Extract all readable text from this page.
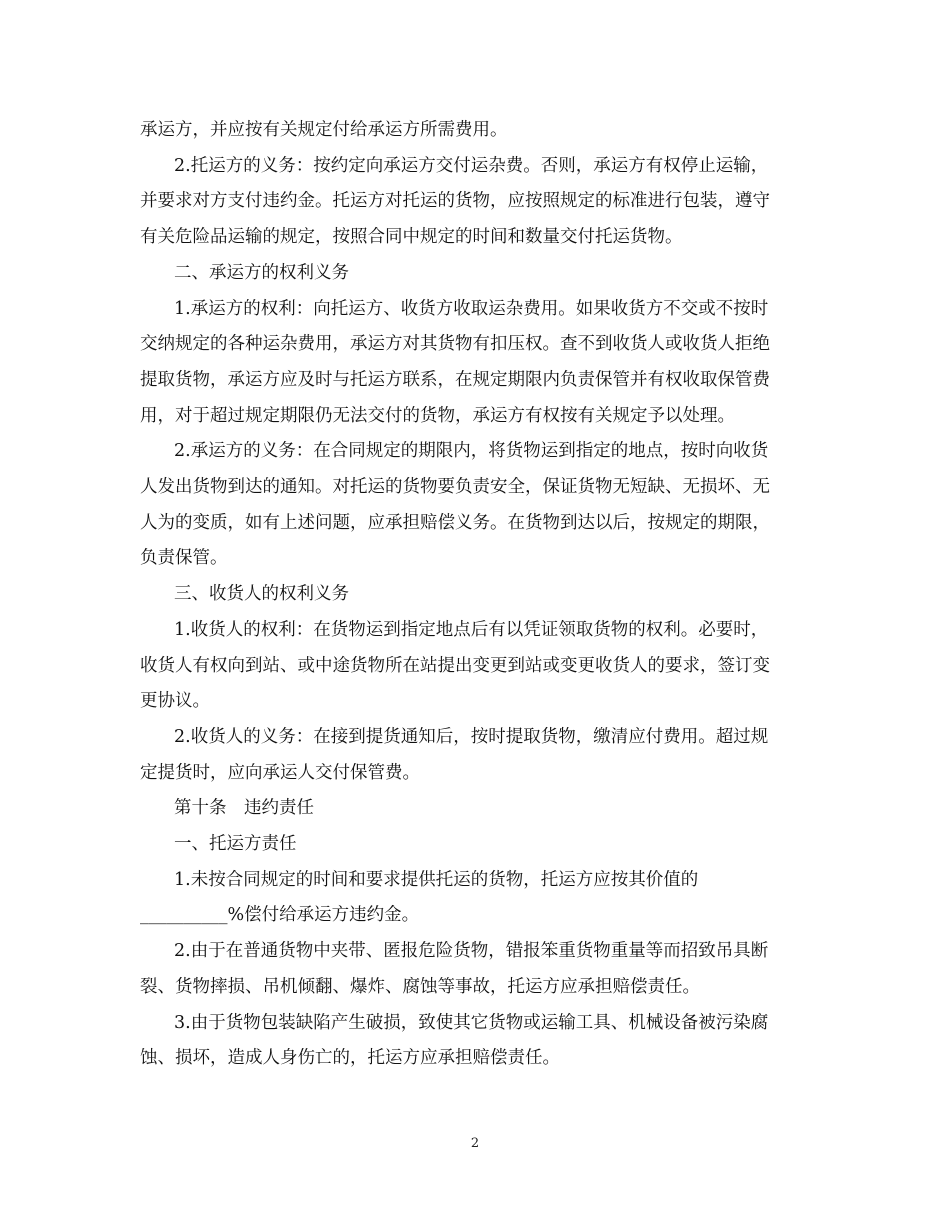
承运方，并应按有关规定付给承运方所需费用。

2.托运方的义务：按约定向承运方交付运杂费。否则，承运方有权停止运输，
并要求对方支付违约金。托运方对托运的货物，应按照规定的标准进行包装，遵守
有关危险品运输的规定，按照合同中规定的时间和数量交付托运货物。

二、承运方的权利义务

1.承运方的权利：向托运方、收货方收取运杂费用。如果收货方不交或不按时
交纳规定的各种运杂费用，承运方对其货物有扣压权。查不到收货人或收货人拒绝
提取货物，承运方应及时与托运方联系，在规定期限内负责保管并有权收取保管费
用，对于超过规定期限仍无法交付的货物，承运方有权按有关规定予以处理。

2.承运方的义务：在合同规定的期限内，将货物运到指定的地点，按时向收货
人发出货物到达的通知。对托运的货物要负责安全，保证货物无短缺、无损坏、无
人为的变质，如有上述问题，应承担赔偿义务。在货物到达以后，按规定的期限，
负责保管。

三、收货人的权利义务

1.收货人的权利：在货物运到指定地点后有以凭证领取货物的权利。必要时，
收货人有权向到站、或中途货物所在站提出变更到站或变更收货人的要求，签订变
更协议。

2.收货人的义务：在接到提货通知后，按时提取货物，缴清应付费用。超过规
定提货时，应向承运人交付保管费。

第十条　违约责任

一、托运方责任

1.未按合同规定的时间和要求提供托运的货物，托运方应按其价值的

__________%偿付给承运方违约金。

2.由于在普通货物中夹带、匿报危险货物，错报笨重货物重量等而招致吊具断
裂、货物摔损、吊机倾翻、爆炸、腐蚀等事故，托运方应承担赔偿责任。

3.由于货物包装缺陷产生破损，致使其它货物或运输工具、机械设备被污染腐
蚀、损坏，造成人身伤亡的，托运方应承担赔偿责任。

2
